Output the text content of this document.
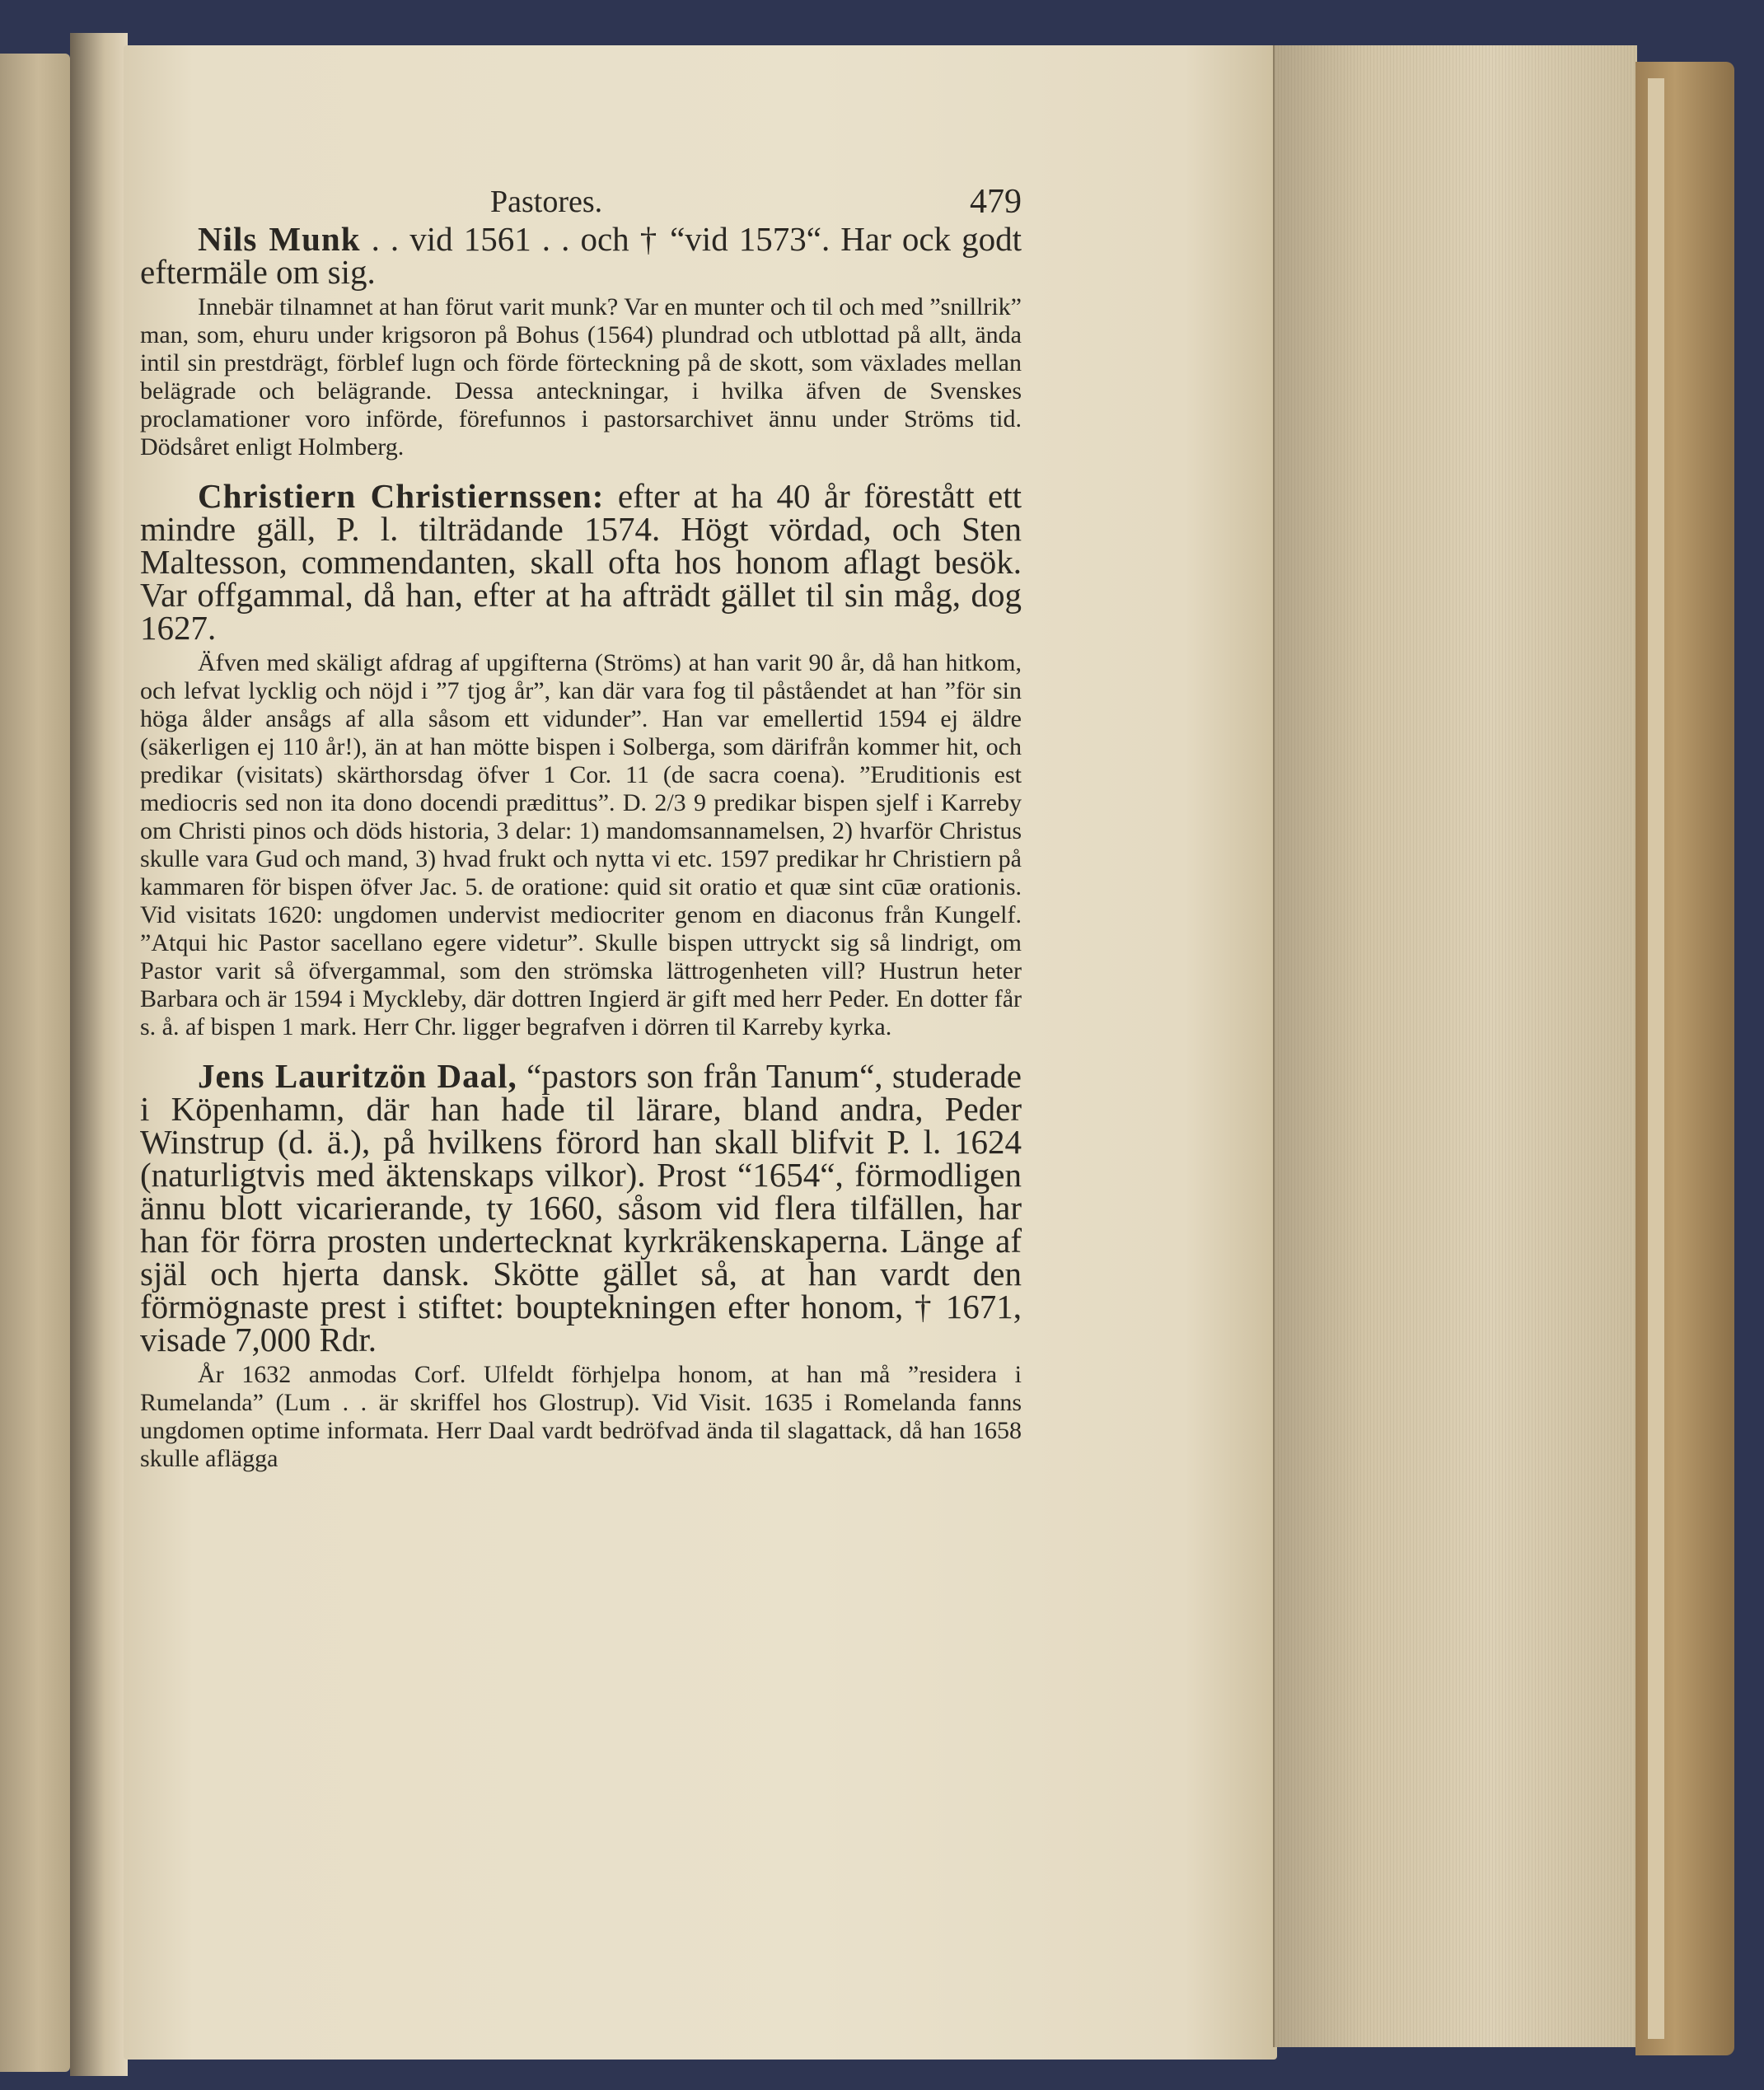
Pastores.	479

Nils Munk . . vid 1561 . . och † “vid 1573“. Har ock godt eftermäle om sig.

Innebär tilnamnet at han förut varit munk? Var en munter och til och med ”snillrik” man, som, ehuru under krigsoron på Bohus (1564) plundrad och utblottad på allt, ända intil sin prestdrägt, förblef lugn och förde förteckning på de skott, som växlades mellan belägrade och belägrande. Dessa anteckningar, i hvilka äfven de Svenskes proclamationer voro införde, förefunnos i pastorsarchivet ännu under Ströms tid. Dödsåret enligt Holmberg.

Christiern Christiernssen: efter at ha 40 år förestått ett mindre gäll, P. l. tilträdande 1574. Högt vördad, och Sten Maltesson, commendanten, skall ofta hos honom aflagt besök. Var offgammal, då han, efter at ha afträdt gället til sin måg, dog 1627.

Äfven med skäligt afdrag af upgifterna (Ströms) at han varit 90 år, då han hitkom, och lefvat lycklig och nöjd i ”7 tjog år”, kan där vara fog til påståendet at han ”för sin höga ålder ansågs af alla såsom ett vidunder”. Han var emellertid 1594 ej äldre (säkerligen ej 110 år!), än at han mötte bispen i Solberga, som därifrån kommer hit, och predikar (visitats) skärthorsdag öfver 1 Cor. 11 (de sacra coena). ”Eruditionis est mediocris sed non ita dono docendi prædittus”. D. 2/3 9 predikar bispen sjelf i Karreby om Christi pinos och döds historia, 3 delar: 1) mandomsannamelsen, 2) hvarför Christus skulle vara Gud och mand, 3) hvad frukt och nytta vi etc. 1597 predikar hr Christiern på kammaren för bispen öfver Jac. 5. de oratione: quid sit oratio et quæ sint cūæ orationis. Vid visitats 1620: ungdomen undervist mediocriter genom en diaconus från Kungelf. ”Atqui hic Pastor sacellano egere videtur”. Skulle bispen uttryckt sig så lindrigt, om Pastor varit så öfvergammal, som den strömska lättrogenheten vill? Hustrun heter Barbara och är 1594 i Myckleby, där dottren Ingierd är gift med herr Peder. En dotter får s. å. af bispen 1 mark. Herr Chr. ligger begrafven i dörren til Karreby kyrka.

Jens Lauritzön Daal, “pastors son från Tanum“, studerade i Köpenhamn, där han hade til lärare, bland andra, Peder Winstrup (d. ä.), på hvilkens förord han skall blifvit P. l. 1624 (naturligtvis med äktenskaps vilkor). Prost “1654“, förmodligen ännu blott vicarierande, ty 1660, såsom vid flera tilfällen, har han för förra prosten undertecknat kyrkräkenskaperna. Länge af själ och hjerta dansk. Skötte gället så, at han vardt den förmögnaste prest i stiftet: bouptekningen efter honom, † 1671, visade 7,000 Rdr.

År 1632 anmodas Corf. Ulfeldt förhjelpa honom, at han må ”residera i Rumelanda” (Lum . . är skriffel hos Glostrup). Vid Visit. 1635 i Romelanda fanns ungdomen optime informata. Herr Daal vardt bedröfvad ända til slagattack, då han 1658 skulle aflägga
